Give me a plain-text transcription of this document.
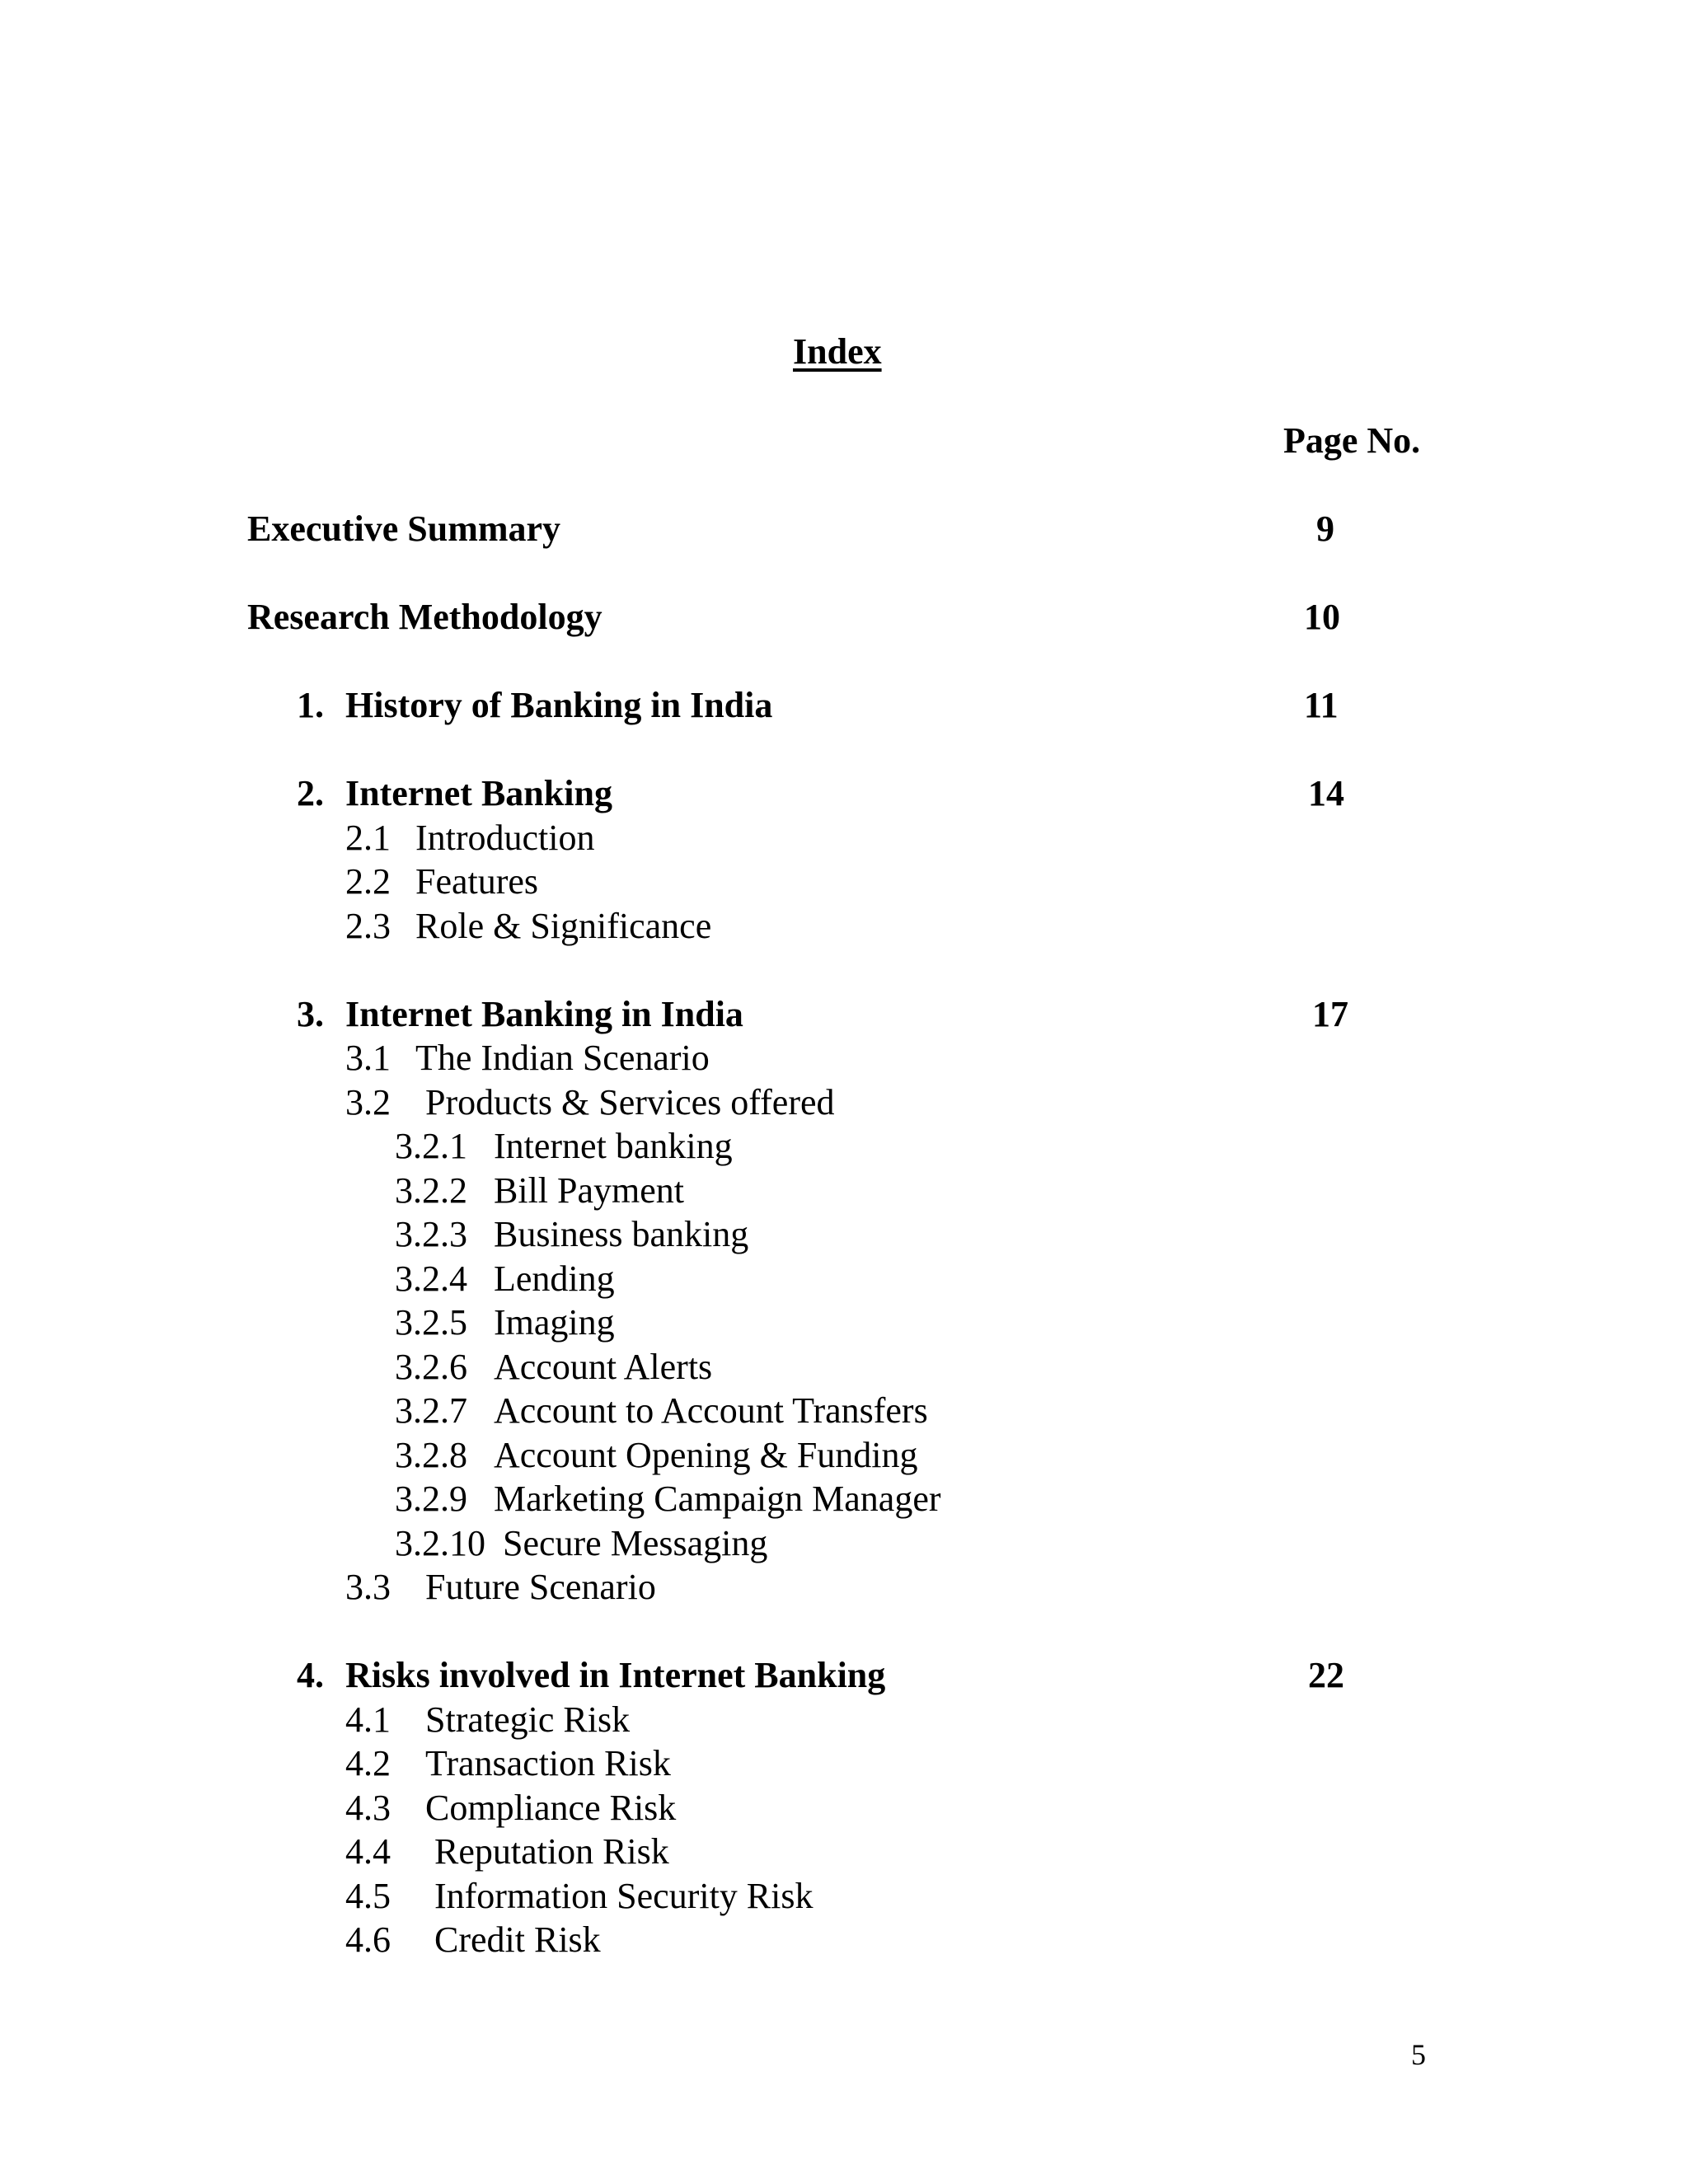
Index
Page No.
Executive Summary	9
Research Methodology	10
1. History of Banking in India	11
2. Internet Banking	14
2.1 Introduction
2.2 Features
2.3 Role & Significance
3. Internet Banking in India	17
3.1 The Indian Scenario
3.2 Products & Services offered
3.2.1 Internet banking
3.2.2 Bill Payment
3.2.3 Business banking
3.2.4 Lending
3.2.5 Imaging
3.2.6 Account Alerts
3.2.7 Account to Account Transfers
3.2.8 Account Opening & Funding
3.2.9 Marketing Campaign Manager
3.2.10 Secure Messaging
3.3 Future Scenario
4. Risks involved in Internet Banking	22
4.1 Strategic Risk
4.2 Transaction Risk
4.3 Compliance Risk
4.4 Reputation Risk
4.5 Information Security Risk
4.6 Credit Risk
5
